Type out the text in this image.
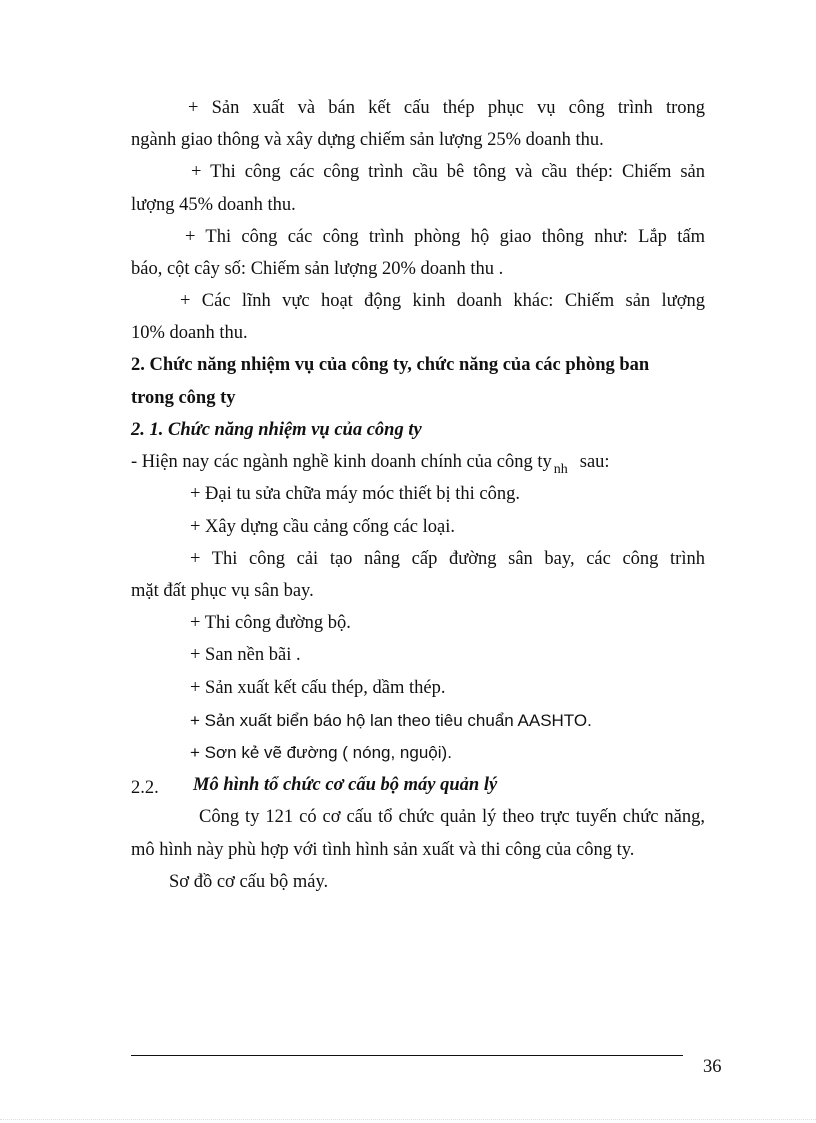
+ Sản xuất và bán kết cấu thép phục vụ công trình trong
ngành giao thông và xây dựng chiếm sản lượng 25% doanh thu.
+ Thi công các công trình cầu bê tông và cầu thép: Chiếm sản
lượng 45% doanh thu.
+ Thi công các công trình phòng hộ giao thông như: Lắp tấm
báo, cột cây số: Chiếm sản lượng 20% doanh thu .
+ Các lĩnh vực hoạt động kinh doanh khác: Chiếm sản lượng
10% doanh thu.
2. Chức năng nhiệm vụ của công ty, chức năng của các phòng ban
trong công ty
2. 1. Chức năng nhiệm vụ của công ty
- Hiện nay các ngành nghề kinh doanh chính của công ty $_{nh}$ sau:
+ Đại tu sửa chữa máy móc thiết bị thi công.
+ Xây dựng cầu cảng cống các loại.
+ Thi công cải tạo nâng cấp đường sân bay, các công trình
mặt đất phục vụ sân bay.
+ Thi công đường bộ.
+ San nền bãi .
+ Sản xuất kết cấu thép, dầm thép.
+ Sản xuất biển báo hộ lan theo tiêu chuẩn AASHTO.
+ Sơn kẻ vẽ đường ( nóng, nguội).
2.2. Mô hình tổ chức cơ cấu bộ máy quản lý
Công ty 121 có cơ cấu tổ chức quản lý theo trực tuyến chức năng,
mô hình này phù hợp với tình hình sản xuất và thi công của công ty.
Sơ đồ cơ cấu bộ máy.
36
